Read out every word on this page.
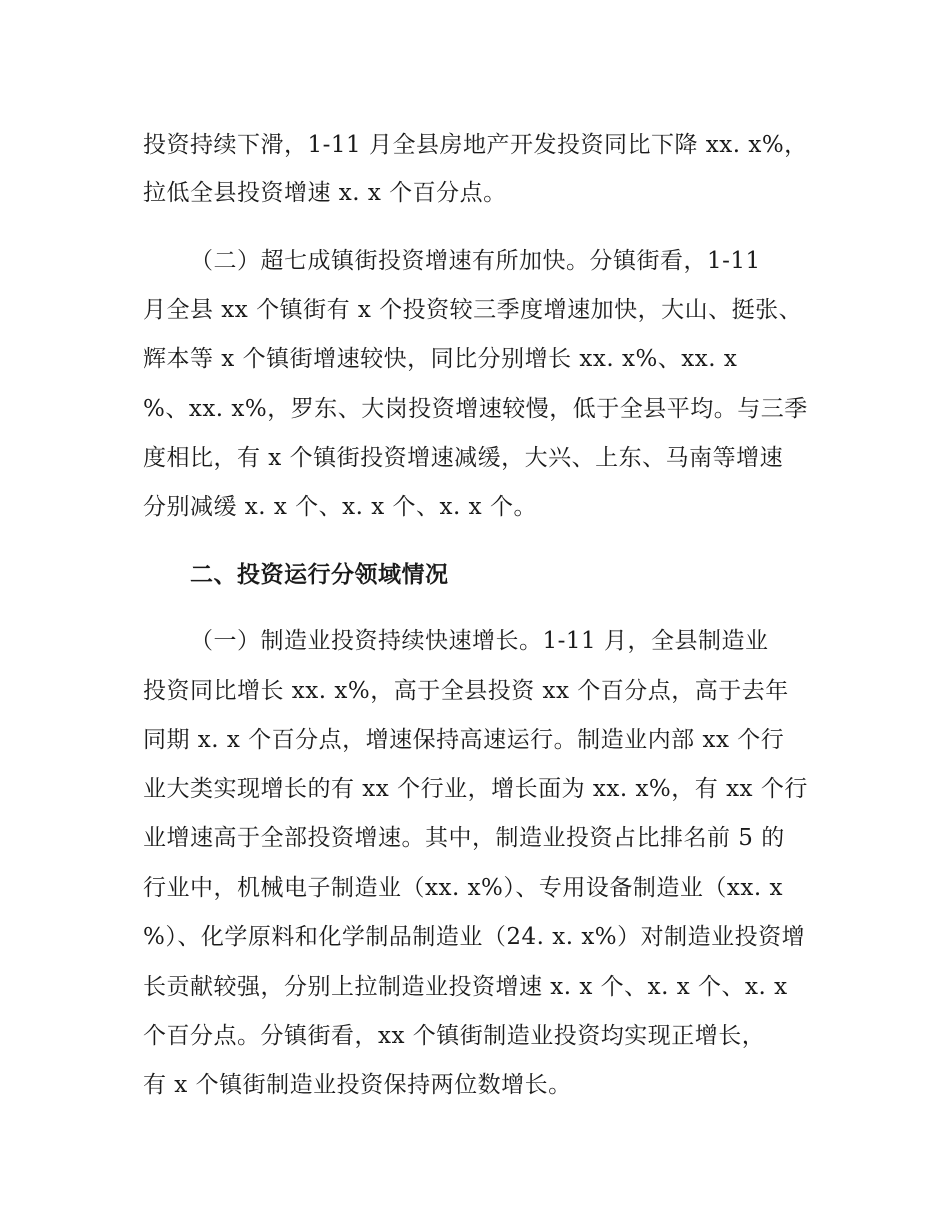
投资持续下滑，1-11 月全县房地产开发投资同比下降 xx. x%，
拉低全县投资增速 x. x 个百分点。
（二）超七成镇街投资增速有所加快。分镇街看，1-11
月全县 xx 个镇街有 x 个投资较三季度增速加快，大山、挺张、
辉本等 x 个镇街增速较快，同比分别增长 xx. x%、xx. x
%、xx. x%，罗东、大岗投资增速较慢，低于全县平均。与三季
度相比，有 x 个镇街投资增速减缓，大兴、上东、马南等增速
分别减缓 x. x 个、x. x 个、x. x 个。
二、投资运行分领域情况
（一）制造业投资持续快速增长。1-11 月，全县制造业
投资同比增长 xx. x%，高于全县投资 xx 个百分点，高于去年
同期 x. x 个百分点，增速保持高速运行。制造业内部 xx 个行
业大类实现增长的有 xx 个行业，增长面为 xx. x%，有 xx 个行
业增速高于全部投资增速。其中，制造业投资占比排名前 5 的
行业中，机械电子制造业（xx. x%）、专用设备制造业（xx. x
%）、化学原料和化学制品制造业（24. x. x%）对制造业投资增
长贡献较强，分别上拉制造业投资增速 x. x 个、x. x 个、x. x
个百分点。分镇街看，xx 个镇街制造业投资均实现正增长，
有 x 个镇街制造业投资保持两位数增长。
